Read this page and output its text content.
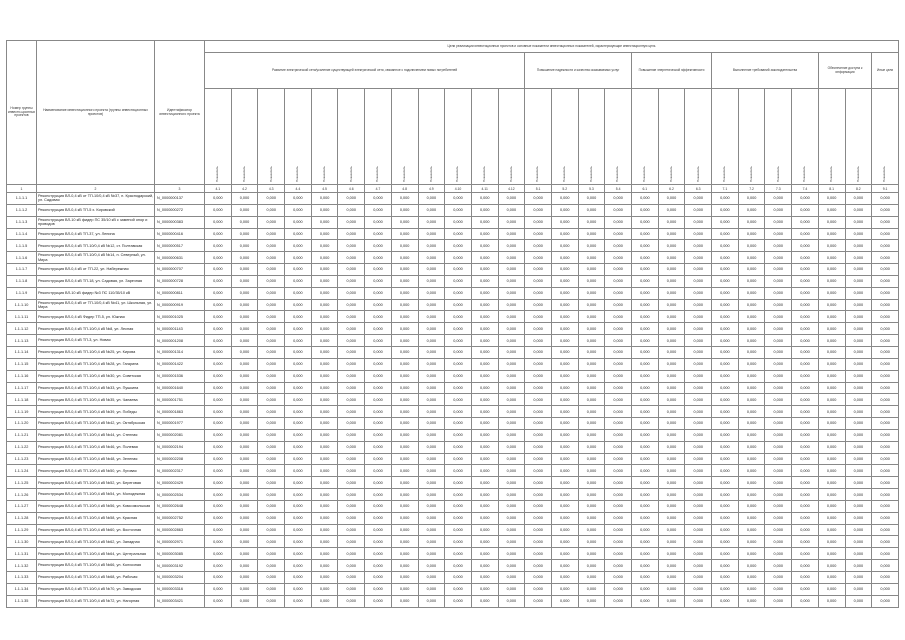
Номер группы инвести-ционных проектов	Наименование инвестиционного проекта (группы инвестиционных проектов)	Идентификатор инвестиционного проекта	Цели реализации инвестиционных проектов и основные показатели инвестиционных показателей, характеризующие инвестиционную цель																									
			Развитие электрической сети/усиление существующей электрической сети, связанное с подключением новых потребителей												Повышение надежности и качества оказываемых услуг				Повышение энергетической эффективности			Выполнение требований законодательства				Обеспечение доступа к информации		Иные цели
			Показатель	Показатель	Показатель	Показатель	Показатель	Показатель	Показатель	Показатель	Показатель	Показатель	Показатель	Показатель	Показатель	Показатель	Показатель	Показатель	Показатель	Показатель	Показатель	Показатель	Показатель	Показатель	Показатель	Показатель	Показатель	Показатель
1	2	3	4.1	4.2	4.3	4.4	4.5	4.6	4.7	4.8	4.9	4.10	4.11	4.12	5.1	5.2	5.3	5.4	6.1	6.2	6.3	7.1	7.2	7.3	7.4	8.1	8.2	9.1
1.1.1.1	Реконструкция ВЛ-0,4 кВ от ТП-10/0,4 кВ №37, п. Краснодарский, ул. Садовая	N_0000000137	0,000	0,000	0,000	0,000	0,000	0,000	0,000	0,000	0,000	0,000	0,000	0,000	0,000	0,000	0,000	0,000	0,000	0,000	0,000	0,000	0,000	0,000	0,000	0,000	0,000	0,000
1.1.1.2	Реконструкция ВЛ-0,4 кВ ТП-5 х. Кировский	N_0000000272	0,000	0,000	0,000	0,000	0,000	0,000	0,000	0,000	0,000	0,000	0,000	0,000	0,000	0,000	0,000	0,000	0,000	0,000	0,000	0,000	0,000	0,000	0,000	0,000	0,000	0,000
1.1.1.3	Реконструкция ВЛ-10 кВ фидер ПС 35/10 кВ с заменой опор и проводов	N_0000000383	0,000	0,000	0,000	0,000	0,000	0,000	0,000	0,000	0,000	0,000	0,000	0,000	0,000	0,000	0,000	0,000	0,000	0,000	0,000	0,000	0,000	0,000	0,000	0,000	0,000	0,000
1.1.1.4	Реконструкция ВЛ-0,4 кВ ТП-37, ул. Ленина	N_0000000416	0,000	0,000	0,000	0,000	0,000	0,000	0,000	0,000	0,000	0,000	0,000	0,000	0,000	0,000	0,000	0,000	0,000	0,000	0,000	0,000	0,000	0,000	0,000	0,000	0,000	0,000
1.1.1.5	Реконструкция ВЛ-0,4 кВ ТП-10/0,4 кВ №12, ст. Полтавская	N_0000000517	0,000	0,000	0,000	0,000	0,000	0,000	0,000	0,000	0,000	0,000	0,000	0,000	0,000	0,000	0,000	0,000	0,000	0,000	0,000	0,000	0,000	0,000	0,000	0,000	0,000	0,000
1.1.1.6	Реконструкция ВЛ-0,4 кВ ТП-10/0,4 кВ №14, п. Северный, ул. Мира	N_0000000631	0,000	0,000	0,000	0,000	0,000	0,000	0,000	0,000	0,000	0,000	0,000	0,000	0,000	0,000	0,000	0,000	0,000	0,000	0,000	0,000	0,000	0,000	0,000	0,000	0,000	0,000
1.1.1.7	Реконструкция ВЛ-0,4 кВ от ТП-22, ул. Набережная	N_0000000707	0,000	0,000	0,000	0,000	0,000	0,000	0,000	0,000	0,000	0,000	0,000	0,000	0,000	0,000	0,000	0,000	0,000	0,000	0,000	0,000	0,000	0,000	0,000	0,000	0,000	0,000
1.1.1.8	Реконструкция ВЛ-0,4 кВ ТП-18, ул. Садовая, ул. Заречная	N_0000000728	0,000	0,000	0,000	0,000	0,000	0,000	0,000	0,000	0,000	0,000	0,000	0,000	0,000	0,000	0,000	0,000	0,000	0,000	0,000	0,000	0,000	0,000	0,000	0,000	0,000	0,000
1.1.1.9	Реконструкция ВЛ-10 кВ фидер №3 ПС 110/35/10 кВ	N_0000000811	0,000	0,000	0,000	0,000	0,000	0,000	0,000	0,000	0,000	0,000	0,000	0,000	0,000	0,000	0,000	0,000	0,000	0,000	0,000	0,000	0,000	0,000	0,000	0,000	0,000	0,000
1.1.1.10	Реконструкция ВЛ-0,4 кВ от ТП-10/0,4 кВ №41, ул. Школьная, ул. Мира	N_0000000919	0,000	0,000	0,000	0,000	0,000	0,000	0,000	0,000	0,000	0,000	0,000	0,000	0,000	0,000	0,000	0,000	0,000	0,000	0,000	0,000	0,000	0,000	0,000	0,000	0,000	0,000
1.1.1.11	Реконструкция ВЛ-0,4 кВ Фидер ТП-5, ул. Южная	N_0000001025	0,000	0,000	0,000	0,000	0,000	0,000	0,000	0,000	0,000	0,000	0,000	0,000	0,000	0,000	0,000	0,000	0,000	0,000	0,000	0,000	0,000	0,000	0,000	0,000	0,000	0,000
1.1.1.12	Реконструкция ВЛ-0,4 кВ ТП-10/0,4 кВ №8, ул. Лесная	N_0000001143	0,000	0,000	0,000	0,000	0,000	0,000	0,000	0,000	0,000	0,000	0,000	0,000	0,000	0,000	0,000	0,000	0,000	0,000	0,000	0,000	0,000	0,000	0,000	0,000	0,000	0,000
1.1.1.13	Реконструкция ВЛ-0,4 кВ ТП-3, ул. Новая	N_0000001208	0,000	0,000	0,000	0,000	0,000	0,000	0,000	0,000	0,000	0,000	0,000	0,000	0,000	0,000	0,000	0,000	0,000	0,000	0,000	0,000	0,000	0,000	0,000	0,000	0,000	0,000
1.1.1.14	Реконструкция ВЛ-0,4 кВ ТП-10/0,4 кВ №25, ул. Кирова	N_0000001314	0,000	0,000	0,000	0,000	0,000	0,000	0,000	0,000	0,000	0,000	0,000	0,000	0,000	0,000	0,000	0,000	0,000	0,000	0,000	0,000	0,000	0,000	0,000	0,000	0,000	0,000
1.1.1.15	Реконструкция ВЛ-0,4 кВ ТП-10/0,4 кВ №28, ул. Гагарина	N_0000001422	0,000	0,000	0,000	0,000	0,000	0,000	0,000	0,000	0,000	0,000	0,000	0,000	0,000	0,000	0,000	0,000	0,000	0,000	0,000	0,000	0,000	0,000	0,000	0,000	0,000	0,000
1.1.1.16	Реконструкция ВЛ-0,4 кВ ТП-10/0,4 кВ №30, ул. Советская	N_0000001536	0,000	0,000	0,000	0,000	0,000	0,000	0,000	0,000	0,000	0,000	0,000	0,000	0,000	0,000	0,000	0,000	0,000	0,000	0,000	0,000	0,000	0,000	0,000	0,000	0,000	0,000
1.1.1.17	Реконструкция ВЛ-0,4 кВ ТП-10/0,4 кВ №33, ул. Пушкина	N_0000001640	0,000	0,000	0,000	0,000	0,000	0,000	0,000	0,000	0,000	0,000	0,000	0,000	0,000	0,000	0,000	0,000	0,000	0,000	0,000	0,000	0,000	0,000	0,000	0,000	0,000	0,000
1.1.1.18	Реконструкция ВЛ-0,4 кВ ТП-10/0,4 кВ №35, ул. Чапаева	N_0000001751	0,000	0,000	0,000	0,000	0,000	0,000	0,000	0,000	0,000	0,000	0,000	0,000	0,000	0,000	0,000	0,000	0,000	0,000	0,000	0,000	0,000	0,000	0,000	0,000	0,000	0,000
1.1.1.19	Реконструкция ВЛ-0,4 кВ ТП-10/0,4 кВ №39, ул. Победы	N_0000001863	0,000	0,000	0,000	0,000	0,000	0,000	0,000	0,000	0,000	0,000	0,000	0,000	0,000	0,000	0,000	0,000	0,000	0,000	0,000	0,000	0,000	0,000	0,000	0,000	0,000	0,000
1.1.1.20	Реконструкция ВЛ-0,4 кВ ТП-10/0,4 кВ №42, ул. Октябрьская	N_0000001977	0,000	0,000	0,000	0,000	0,000	0,000	0,000	0,000	0,000	0,000	0,000	0,000	0,000	0,000	0,000	0,000	0,000	0,000	0,000	0,000	0,000	0,000	0,000	0,000	0,000	0,000
1.1.1.21	Реконструкция ВЛ-0,4 кВ ТП-10/0,4 кВ №44, ул. Степная	N_0000002081	0,000	0,000	0,000	0,000	0,000	0,000	0,000	0,000	0,000	0,000	0,000	0,000	0,000	0,000	0,000	0,000	0,000	0,000	0,000	0,000	0,000	0,000	0,000	0,000	0,000	0,000
1.1.1.22	Реконструкция ВЛ-0,4 кВ ТП-10/0,4 кВ №46, ул. Полевая	N_0000002194	0,000	0,000	0,000	0,000	0,000	0,000	0,000	0,000	0,000	0,000	0,000	0,000	0,000	0,000	0,000	0,000	0,000	0,000	0,000	0,000	0,000	0,000	0,000	0,000	0,000	0,000
1.1.1.23	Реконструкция ВЛ-0,4 кВ ТП-10/0,4 кВ №48, ул. Зеленая	N_0000002208	0,000	0,000	0,000	0,000	0,000	0,000	0,000	0,000	0,000	0,000	0,000	0,000	0,000	0,000	0,000	0,000	0,000	0,000	0,000	0,000	0,000	0,000	0,000	0,000	0,000	0,000
1.1.1.24	Реконструкция ВЛ-0,4 кВ ТП-10/0,4 кВ №50, ул. Луговая	N_0000002317	0,000	0,000	0,000	0,000	0,000	0,000	0,000	0,000	0,000	0,000	0,000	0,000	0,000	0,000	0,000	0,000	0,000	0,000	0,000	0,000	0,000	0,000	0,000	0,000	0,000	0,000
1.1.1.25	Реконструкция ВЛ-0,4 кВ ТП-10/0,4 кВ №52, ул. Береговая	N_0000002429	0,000	0,000	0,000	0,000	0,000	0,000	0,000	0,000	0,000	0,000	0,000	0,000	0,000	0,000	0,000	0,000	0,000	0,000	0,000	0,000	0,000	0,000	0,000	0,000	0,000	0,000
1.1.1.26	Реконструкция ВЛ-0,4 кВ ТП-10/0,4 кВ №54, ул. Молодежная	N_0000002534	0,000	0,000	0,000	0,000	0,000	0,000	0,000	0,000	0,000	0,000	0,000	0,000	0,000	0,000	0,000	0,000	0,000	0,000	0,000	0,000	0,000	0,000	0,000	0,000	0,000	0,000
1.1.1.27	Реконструкция ВЛ-0,4 кВ ТП-10/0,4 кВ №56, ул. Комсомольская	N_0000002648	0,000	0,000	0,000	0,000	0,000	0,000	0,000	0,000	0,000	0,000	0,000	0,000	0,000	0,000	0,000	0,000	0,000	0,000	0,000	0,000	0,000	0,000	0,000	0,000	0,000	0,000
1.1.1.28	Реконструкция ВЛ-0,4 кВ ТП-10/0,4 кВ №58, ул. Красная	N_0000002752	0,000	0,000	0,000	0,000	0,000	0,000	0,000	0,000	0,000	0,000	0,000	0,000	0,000	0,000	0,000	0,000	0,000	0,000	0,000	0,000	0,000	0,000	0,000	0,000	0,000	0,000
1.1.1.29	Реконструкция ВЛ-0,4 кВ ТП-10/0,4 кВ №60, ул. Восточная	N_0000002863	0,000	0,000	0,000	0,000	0,000	0,000	0,000	0,000	0,000	0,000	0,000	0,000	0,000	0,000	0,000	0,000	0,000	0,000	0,000	0,000	0,000	0,000	0,000	0,000	0,000	0,000
1.1.1.30	Реконструкция ВЛ-0,4 кВ ТП-10/0,4 кВ №62, ул. Западная	N_0000002971	0,000	0,000	0,000	0,000	0,000	0,000	0,000	0,000	0,000	0,000	0,000	0,000	0,000	0,000	0,000	0,000	0,000	0,000	0,000	0,000	0,000	0,000	0,000	0,000	0,000	0,000
1.1.1.31	Реконструкция ВЛ-0,4 кВ ТП-10/0,4 кВ №64, ул. Центральная	N_0000003085	0,000	0,000	0,000	0,000	0,000	0,000	0,000	0,000	0,000	0,000	0,000	0,000	0,000	0,000	0,000	0,000	0,000	0,000	0,000	0,000	0,000	0,000	0,000	0,000	0,000	0,000
1.1.1.32	Реконструкция ВЛ-0,4 кВ ТП-10/0,4 кВ №66, ул. Колхозная	N_0000003192	0,000	0,000	0,000	0,000	0,000	0,000	0,000	0,000	0,000	0,000	0,000	0,000	0,000	0,000	0,000	0,000	0,000	0,000	0,000	0,000	0,000	0,000	0,000	0,000	0,000	0,000
1.1.1.33	Реконструкция ВЛ-0,4 кВ ТП-10/0,4 кВ №68, ул. Рабочая	N_0000003204	0,000	0,000	0,000	0,000	0,000	0,000	0,000	0,000	0,000	0,000	0,000	0,000	0,000	0,000	0,000	0,000	0,000	0,000	0,000	0,000	0,000	0,000	0,000	0,000	0,000	0,000
1.1.1.34	Реконструкция ВЛ-0,4 кВ ТП-10/0,4 кВ №70, ул. Заводская	N_0000003316	0,000	0,000	0,000	0,000	0,000	0,000	0,000	0,000	0,000	0,000	0,000	0,000	0,000	0,000	0,000	0,000	0,000	0,000	0,000	0,000	0,000	0,000	0,000	0,000	0,000	0,000
1.1.1.35	Реконструкция ВЛ-0,4 кВ ТП-10/0,4 кВ №72, ул. Нагорная	N_0000003421	0,000	0,000	0,000	0,000	0,000	0,000	0,000	0,000	0,000	0,000	0,000	0,000	0,000	0,000	0,000	0,000	0,000	0,000	0,000	0,000	0,000	0,000	0,000	0,000	0,000	0,000
